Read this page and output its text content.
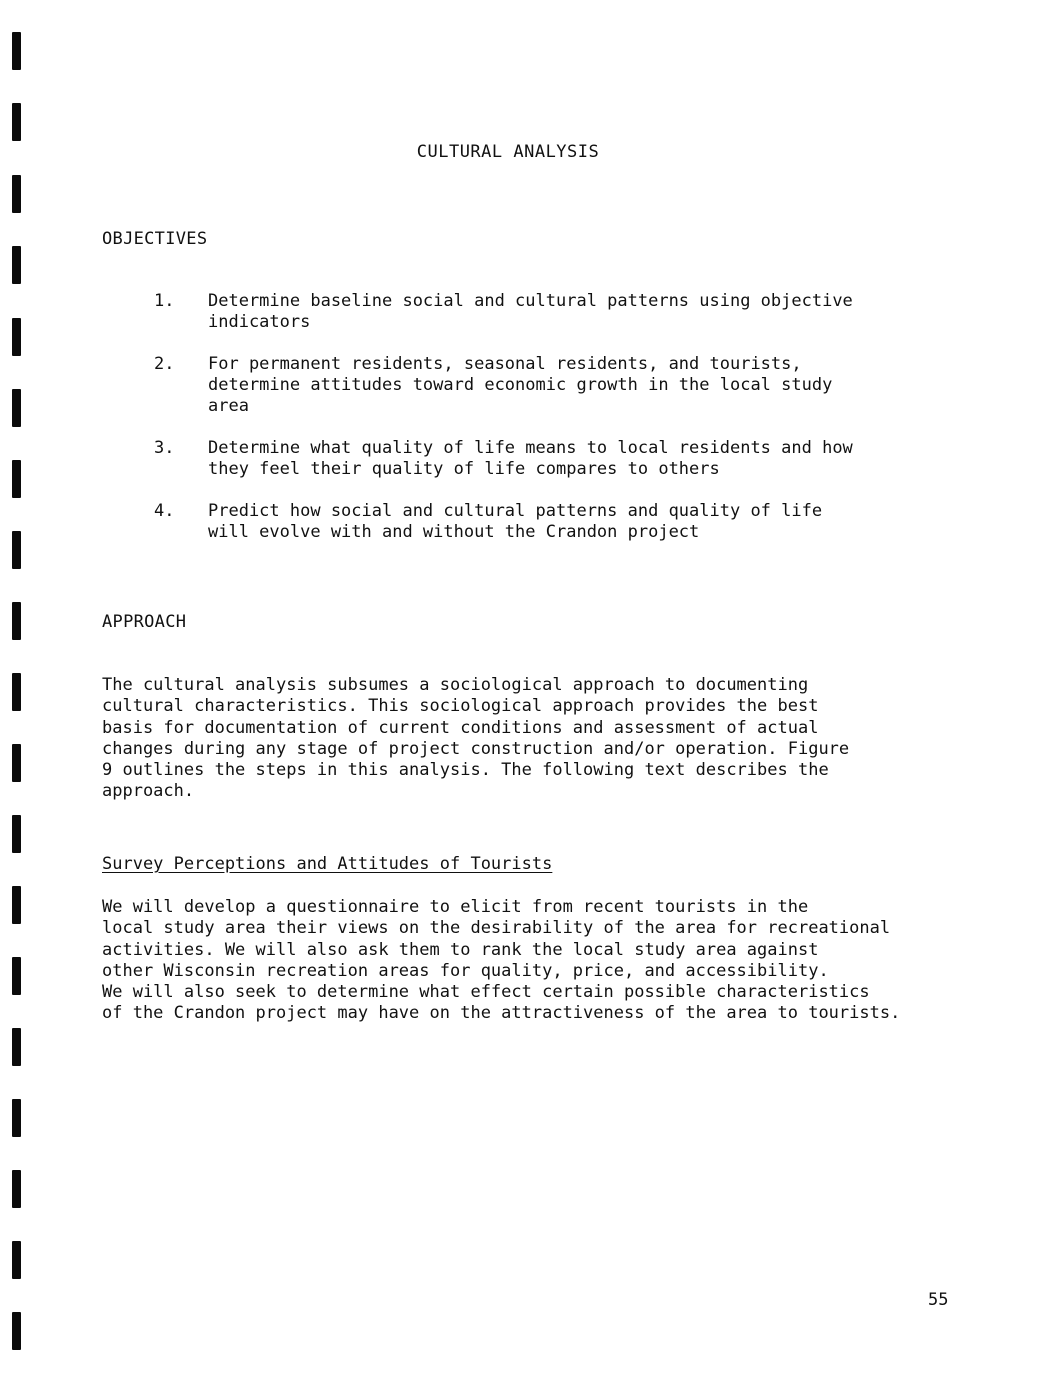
CULTURAL ANALYSIS
OBJECTIVES
1.	Determine baseline social and cultural patterns using objective
indicators
2.	For permanent residents, seasonal residents, and tourists,
determine attitudes toward economic growth in the local study
area
3.	Determine what quality of life means to local residents and how
they feel their quality of life compares to others
4.	Predict how social and cultural patterns and quality of life
will evolve with and without the Crandon project
APPROACH

The cultural analysis subsumes a sociological approach to documenting
cultural characteristics. This sociological approach provides the best
basis for documentation of current conditions and assessment of actual
changes during any stage of project construction and/or operation. Figure
9 outlines the steps in this analysis. The following text describes the
approach.

Survey Perceptions and Attitudes of Tourists

We will develop a questionnaire to elicit from recent tourists in the
local study area their views on the desirability of the area for recreational
activities. We will also ask them to rank the local study area against
other Wisconsin recreation areas for quality, price, and accessibility.
We will also seek to determine what effect certain possible characteristics
of the Crandon project may have on the attractiveness of the area to tourists.

55
